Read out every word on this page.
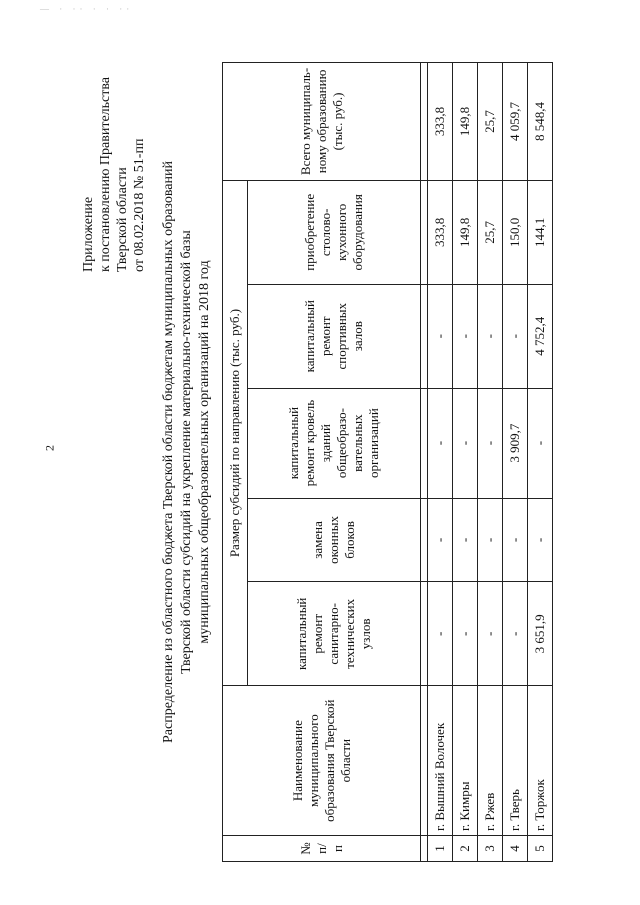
— · ·· · · ··
2
Приложение к постановлению Правительства Тверской области от 08.02.2018 № 51-пп Распределение из областного бюджета Тверской области бюджетам муниципальных образований Тверской области субсидий на укрепление материально-технической базы муниципальных общеобразовательных организаций на 2018 год
№ п/п	Наименование муниципального образования Тверской области	Размер субсидий по направлению (тыс. руб.)					Всего муниципаль-ному образованию (тыс. руб.)
		капитальный ремонт санитарно-технических узлов	замена оконных блоков	капитальный ремонт кровель зданий общеобразо-вательных организаций	капитальный ремонт спортивных залов	приобретение столово-кухонного оборудования	

1	г. Вышний Волочек	-	-	-	-	333,8	333,8
2	г. Кимры	-	-	-	-	149,8	149,8
3	г. Ржев	-	-	-	-	25,7	25,7
4	г. Тверь	-	-	3 909,7	-	150,0	4 059,7
5	г. Торжок	3 651,9	-	-	4 752,4	144,1	8 548,4
